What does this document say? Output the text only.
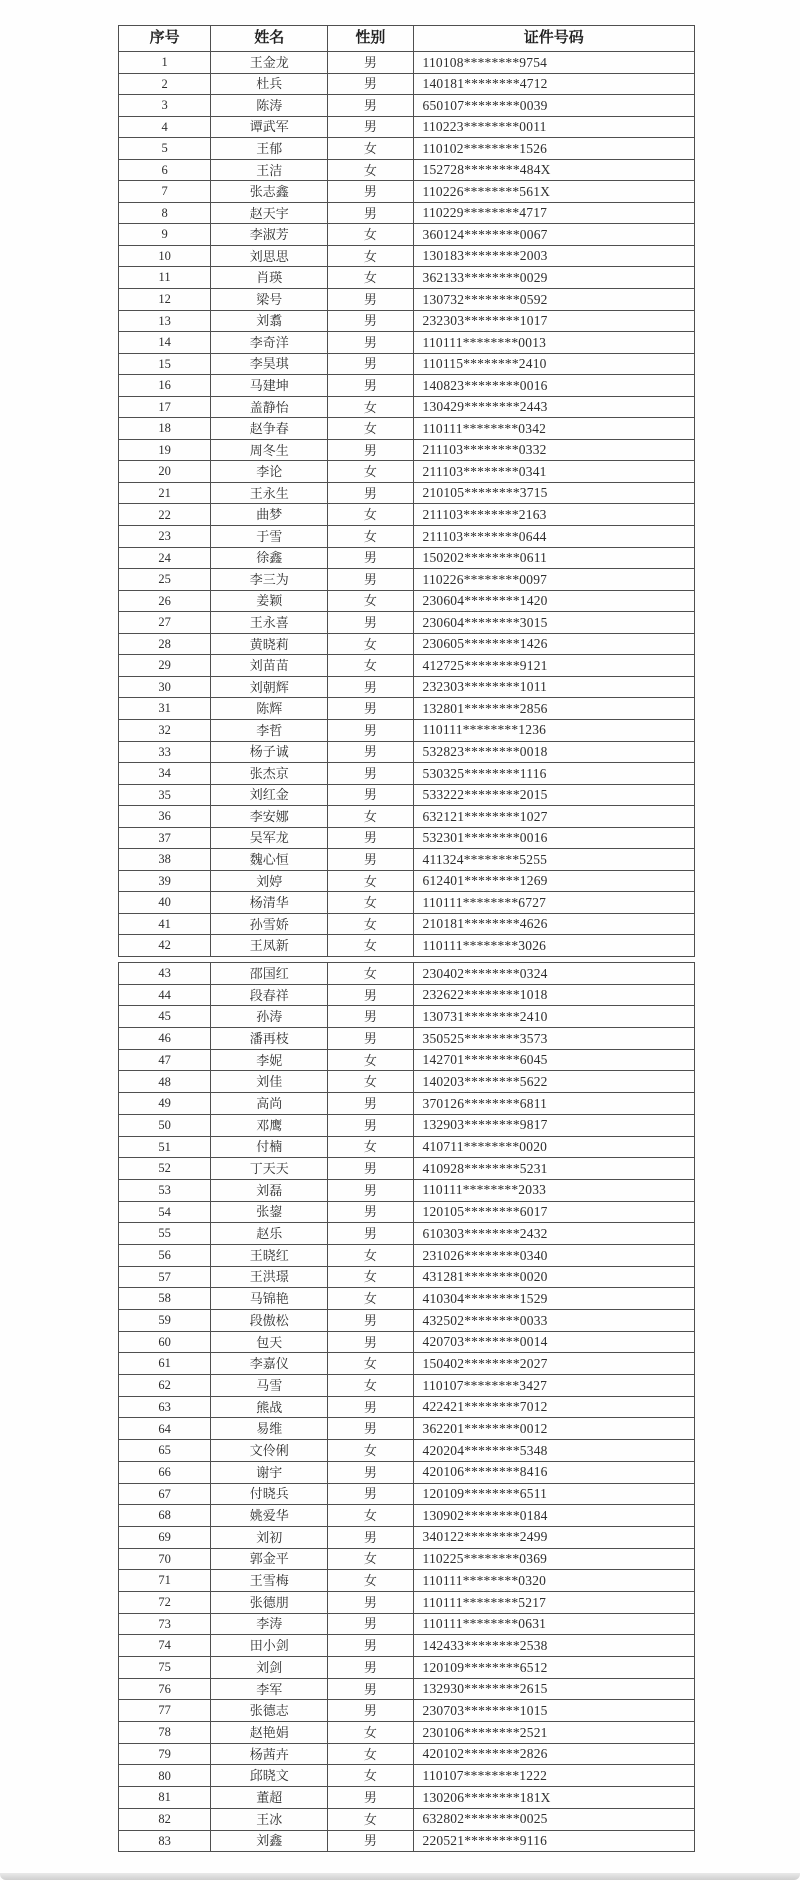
序号	姓名	性别	证件号码
1	王金龙	男	110108********9754
2	杜兵	男	140181********4712
3	陈涛	男	650107********0039
4	谭武军	男	110223********0011
5	王郁	女	110102********1526
6	王洁	女	152728********484X
7	张志鑫	男	110226********561X
8	赵天宇	男	110229********4717
9	李淑芳	女	360124********0067
10	刘思思	女	130183********2003
11	肖瑛	女	362133********0029
12	梁号	男	130732********0592
13	刘翥	男	232303********1017
14	李奇洋	男	110111********0013
15	李昊琪	男	110115********2410
16	马建坤	男	140823********0016
17	盖静怡	女	130429********2443
18	赵争春	女	110111********0342
19	周冬生	男	211103********0332
20	李论	女	211103********0341
21	王永生	男	210105********3715
22	曲梦	女	211103********2163
23	于雪	女	211103********0644
24	徐鑫	男	150202********0611
25	李三为	男	110226********0097
26	姜颖	女	230604********1420
27	王永喜	男	230604********3015
28	黄晓莉	女	230605********1426
29	刘苗苗	女	412725********9121
30	刘朝辉	男	232303********1011
31	陈辉	男	132801********2856
32	李哲	男	110111********1236
33	杨子诚	男	532823********0018
34	张杰京	男	530325********1116
35	刘红金	男	533222********2015
36	李安娜	女	632121********1027
37	吴军龙	男	532301********0016
38	魏心恒	男	411324********5255
39	刘婷	女	612401********1269
40	杨清华	女	110111********6727
41	孙雪娇	女	210181********4626
42	王凤新	女	110111********3026
43	邵国红	女	230402********0324
44	段春祥	男	232622********1018
45	孙涛	男	130731********2410
46	潘再枝	男	350525********3573
47	李妮	女	142701********6045
48	刘佳	女	140203********5622
49	高尚	男	370126********6811
50	邓鹰	男	132903********9817
51	付楠	女	410711********0020
52	丁天天	男	410928********5231
53	刘磊	男	110111********2033
54	张鋆	男	120105********6017
55	赵乐	男	610303********2432
56	王晓红	女	231026********0340
57	王洪璟	女	431281********0020
58	马锦艳	女	410304********1529
59	段傲松	男	432502********0033
60	包天	男	420703********0014
61	李嘉仪	女	150402********2027
62	马雪	女	110107********3427
63	熊战	男	422421********7012
64	易维	男	362201********0012
65	文伶俐	女	420204********5348
66	谢宇	男	420106********8416
67	付晓兵	男	120109********6511
68	姚爱华	女	130902********0184
69	刘初	男	340122********2499
70	郭金平	女	110225********0369
71	王雪梅	女	110111********0320
72	张德朋	男	110111********5217
73	李涛	男	110111********0631
74	田小剑	男	142433********2538
75	刘剑	男	120109********6512
76	李军	男	132930********2615
77	张德志	男	230703********1015
78	赵艳娟	女	230106********2521
79	杨茜卉	女	420102********2826
80	邱晓文	女	110107********1222
81	董超	男	130206********181X
82	王冰	女	632802********0025
83	刘鑫	男	220521********9116
